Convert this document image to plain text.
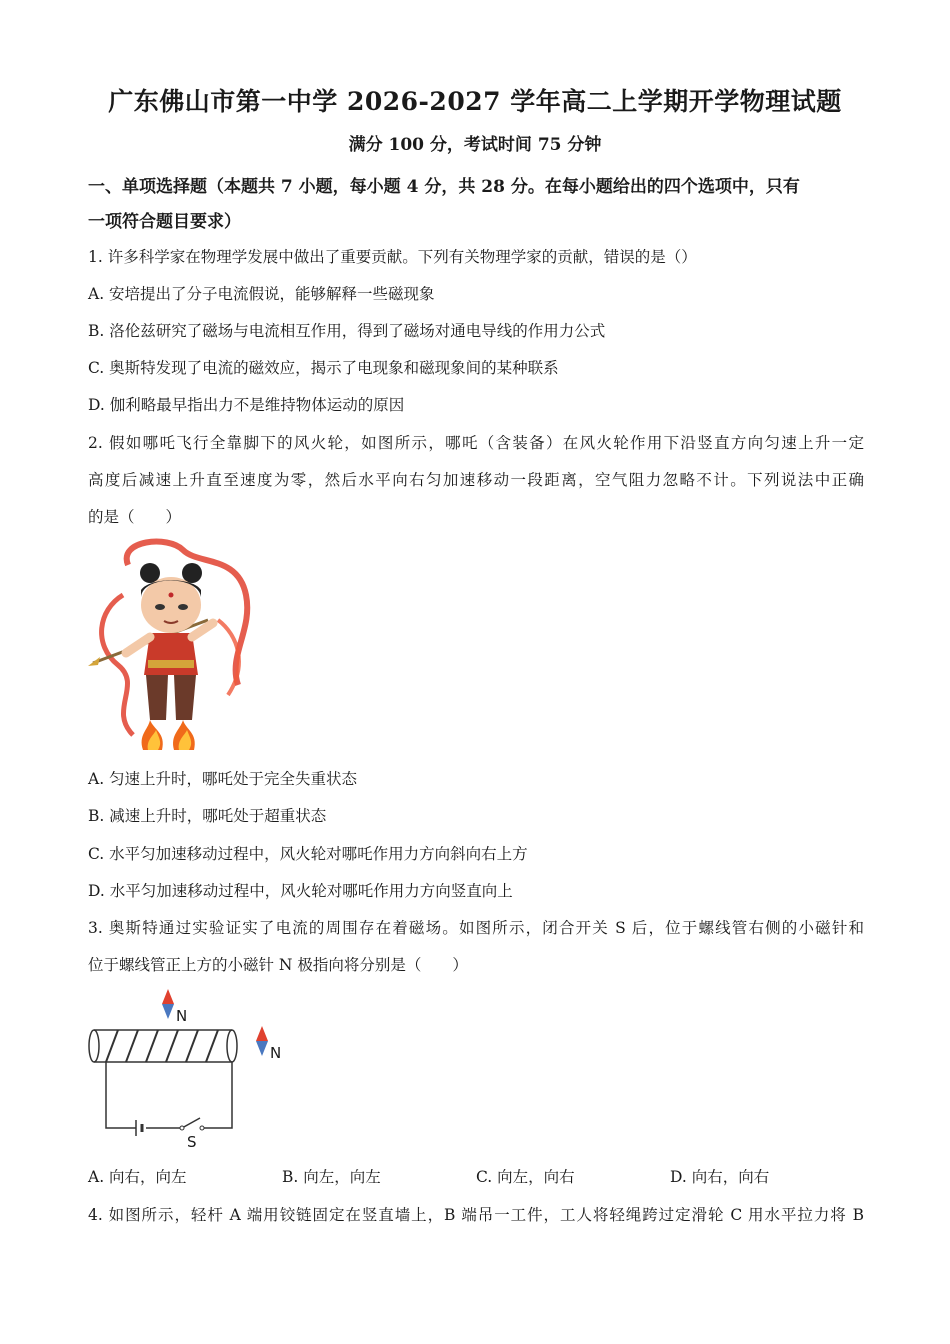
广东佛山市第一中学 2026-2027 学年高二上学期开学物理试题
满分 100 分，考试时间 75 分钟
一、单项选择题（本题共 7 小题，每小题 4 分，共 28 分。在每小题给出的四个选项中，只有
一项符合题目要求）
1. 许多科学家在物理学发展中做出了重要贡献。下列有关物理学家的贡献，错误的是（）
A. 安培提出了分子电流假说，能够解释一些磁现象
B. 洛伦兹研究了磁场与电流相互作用，得到了磁场对通电导线的作用力公式
C. 奥斯特发现了电流的磁效应，揭示了电现象和磁现象间的某种联系
D. 伽利略最早指出力不是维持物体运动的原因
2. 假如哪吒飞行全靠脚下的风火轮，如图所示，哪吒（含装备）在风火轮作用下沿竖直方向匀速上升一定
高度后减速上升直至速度为零，然后水平向右匀加速移动一段距离，空气阻力忽略不计。下列说法中正确
的是（　　）
A. 匀速上升时，哪吒处于完全失重状态
B. 减速上升时，哪吒处于超重状态
C. 水平匀加速移动过程中，风火轮对哪吒作用力方向斜向右上方
D. 水平匀加速移动过程中，风火轮对哪吒作用力方向竖直向上
3. 奥斯特通过实验证实了电流的周围存在着磁场。如图所示，闭合开关 S 后，位于螺线管右侧的小磁针和
位于螺线管正上方的小磁针 N 极指向将分别是（　　）
N
N
S
A. 向右，向左	B. 向左，向左	C. 向左，向右	D. 向右，向右
4. 如图所示，轻杆 A 端用铰链固定在竖直墙上，B 端吊一工件，工人将轻绳跨过定滑轮 C 用水平拉力将 B
